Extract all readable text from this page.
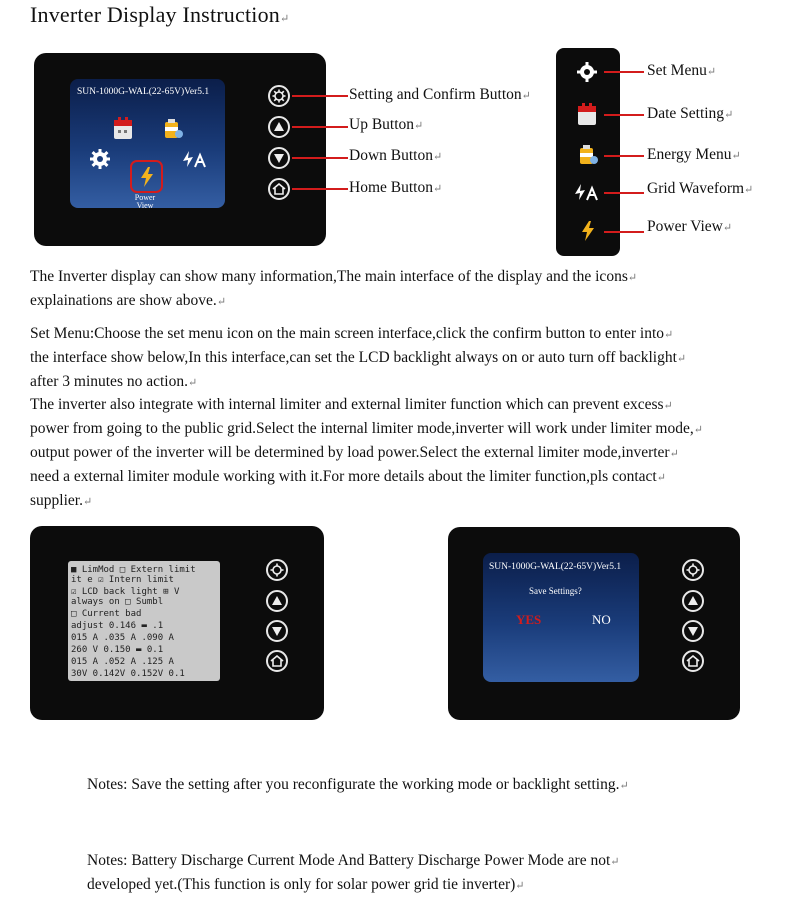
Inverter Display Instruction↵
SUN-1000G-WAL(22-65V)Ver5.1
Power View
Setting and Confirm Button↵
Up Button↵
Down Button↵
Home Button↵
Set Menu↵
Date Setting↵
Energy Menu↵
Grid Waveform↵
Power View↵
The Inverter display can show many information,The main interface of the display and the icons↵
explainations are show above.↵
Set Menu:Choose the set menu icon on the main screen interface,click the confirm button to enter into↵
the interface show below,In this interface,can set the LCD backlight always on or auto turn off backlight↵
after 3 minutes no action.↵
The inverter also integrate with internal limiter and external limiter function which can prevent excess↵
power from going to the public grid.Select the internal limiter mode,inverter will work under limiter mode,↵
output power of the inverter will be determined by load power.Select the external limiter mode,inverter↵
need a external limiter module working with it.For more details about the limiter function,pls contact↵
supplier.↵
■ LimMod □ Extern limit
it e ☑ Intern limit
☑ LCD back light ⊞ V
always on □ Sumbl
□ Current bad
adjust 0.146 ▬ .1
015 A .035 A .090 A
260 V 0.150 ▬ 0.1
015 A .052 A .125 A
30V 0.142V 0.152V 0.1
SUN-1000G-WAL(22-65V)Ver5.1
Save Settings?
YES	NO
Notes: Save the setting after you reconfigurate the working mode or backlight setting.↵
Notes: Battery Discharge Current Mode And Battery Discharge Power Mode are not↵
developed yet.(This function is only for solar power grid tie inverter)↵
